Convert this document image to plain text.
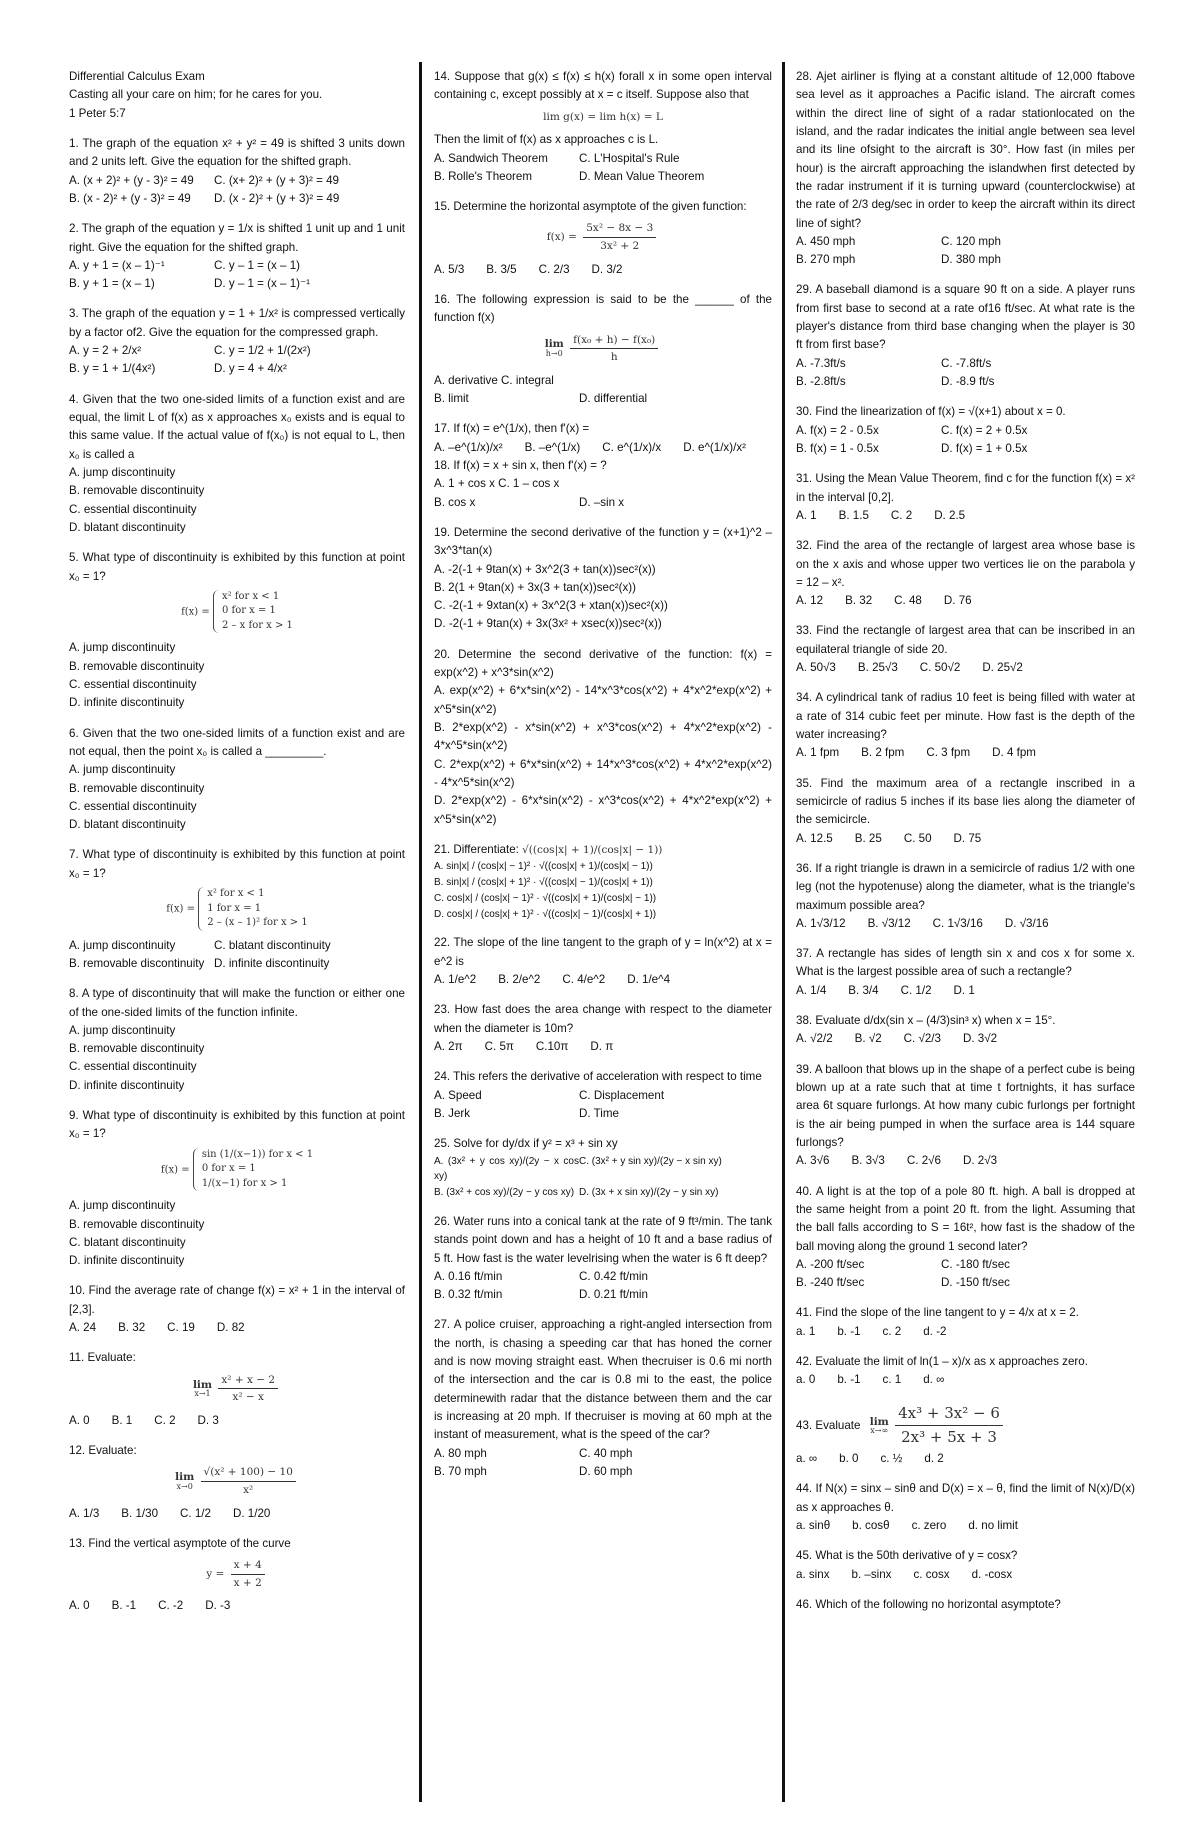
Differential Calculus Exam

Casting all your care on him; for he cares for you.

1 Peter 5:7

1. The graph of the equation x² + y² = 49 is shifted 3 units down and 2 units left. Give the equation for the shifted graph.

A. (x + 2)² + (y - 3)² = 49	C. (x+ 2)² + (y + 3)² = 49
B. (x - 2)² + (y - 3)² = 49	D. (x - 2)² + (y + 3)² = 49

2. The graph of the equation y = 1/x is shifted 1 unit up and 1 unit right. Give the equation for the shifted graph.

A. y + 1 = (x – 1)⁻¹	C. y – 1 = (x – 1)
B. y + 1 = (x – 1)	D. y – 1 = (x – 1)⁻¹

3. The graph of the equation y = 1 + 1/x² is compressed vertically by a factor of2. Give the equation for the compressed graph.

A. y = 2 + 2/x²	C. y = 1/2 + 1/(2x²)
B. y = 1 + 1/(4x²)	D. y = 4 + 4/x²

4. Given that the two one-sided limits of a function exist and are equal, the limit L of f(x) as x approaches x₀ exists and is equal to this same value. If the actual value of f(x₀) is not equal to L, then x₀ is called a

A. jump discontinuity
B. removable discontinuity
C. essential discontinuity
D. blatant discontinuity

5. What type of discontinuity is exhibited by this function at point x₀ = 1?

f(x) =
x² for x < 1
0 for x = 1
2 – x for x > 1
A. jump discontinuity
B. removable discontinuity
C. essential discontinuity
D. infinite discontinuity

6. Given that the two one-sided limits of a function exist and are not equal, then the point x₀ is called a _________.

A. jump discontinuity
B. removable discontinuity
C. essential discontinuity
D. blatant discontinuity

7. What type of discontinuity is exhibited by this function at point x₀ = 1?

f(x) =
x² for x < 1
1 for x = 1
2 – (x – 1)² for x > 1
A. jump discontinuity	C. blatant discontinuity
B. removable discontinuity D. infinite discontinuity

8. A type of discontinuity that will make the function or either one of the one-sided limits of the function infinite.

A. jump discontinuity
B. removable discontinuity
C. essential discontinuity
D. infinite discontinuity

9. What type of discontinuity is exhibited by this function at point x₀ = 1?

f(x) =
sin (1/(x−1)) for x < 1
0 for x = 1
1/(x−1) for x > 1
A. jump discontinuity
B. removable discontinuity
C. blatant discontinuity
D. infinite discontinuity

10. Find the average rate of change f(x) = x² + 1 in the interval of [2,3].

A. 24 B. 32 C. 19 D. 82

11. Evaluate:

lim
x→1
$\frac{\text{x² + x − 2}}{\text{x² − x}}$
A. 0 B. 1 C. 2 D. 3

12. Evaluate:

lim
x→0
$\frac{\text{√(x² + 100) − 10}}{\text{x²}}$
A. 1/3 B. 1/30 C. 1/2 D. 1/20

13. Find the vertical asymptote of the curve

$y = \frac{x + 4}{x + 2}$
A. 0 B. -1 C. -2 D. -3

14. Suppose that g(x) ≤ f(x) ≤ h(x) forall x in some open interval containing c, except possibly at x = c itself. Suppose also that

lim g(x) = lim h(x) = L

Then the limit of f(x) as x approaches c is L.

A. Sandwich Theorem	C. L'Hospital's Rule
B. Rolle's Theorem	D. Mean Value Theorem

15. Determine the horizontal asymptote of the given function:

$f(x) = \frac{\text{5x² − 8x − 3}}{\text{3x² + 2}}$
A. 5/3 B. 3/5 C. 2/3 D. 3/2

16. The following expression is said to be the ______ of the function f(x)

lim
h→0
$\frac{\text{f(x₀ + h) − f(x₀)}}{h}$
A. derivative C. integral
B. limit	D. differential

17. If f(x) = e^(1/x), then f'(x) =

A. –e^(1/x)/x² B. –e^(1/x) C. e^(1/x)/x D. e^(1/x)/x²

18. If f(x) = x + sin x, then f'(x) = ?

A. 1 + cos x C. 1 – cos x
B. cos x	D. –sin x

19. Determine the second derivative of the function y = (x+1)^2 – 3x^3*tan(x)

A. -2(-1 + 9tan(x) + 3x^2(3 + tan(x))sec²(x))
B. 2(1 + 9tan(x) + 3x(3 + tan(x))sec²(x))
C. -2(-1 + 9xtan(x) + 3x^2(3 + xtan(x))sec²(x))
D. -2(-1 + 9tan(x) + 3x(3x² + xsec(x))sec²(x))

20. Determine the second derivative of the function: f(x) = exp(x^2) + x^3*sin(x^2)

A. exp(x^2) + 6*x*sin(x^2) - 14*x^3*cos(x^2) + 4*x^2*exp(x^2) + x^5*sin(x^2)
B. 2*exp(x^2) - x*sin(x^2) + x^3*cos(x^2) + 4*x^2*exp(x^2) - 4*x^5*sin(x^2)
C. 2*exp(x^2) + 6*x*sin(x^2) + 14*x^3*cos(x^2) + 4*x^2*exp(x^2) - 4*x^5*sin(x^2)
D. 2*exp(x^2) - 6*x*sin(x^2) - x^3*cos(x^2) + 4*x^2*exp(x^2) + x^5*sin(x^2)

21. Differentiate: √((cos|x| + 1)/(cos|x| − 1))

A. sin|x| / (cos|x| − 1)² · √((cos|x| + 1)/(cos|x| − 1))
B. sin|x| / (cos|x| + 1)² · √((cos|x| − 1)/(cos|x| + 1))
C. cos|x| / (cos|x| − 1)² · √((cos|x| + 1)/(cos|x| − 1))
D. cos|x| / (cos|x| + 1)² · √((cos|x| − 1)/(cos|x| + 1))

22. The slope of the line tangent to the graph of y = ln(x^2) at x = e^2 is

A. 1/e^2 B. 2/e^2 C. 4/e^2 D. 1/e^4

23. How fast does the area change with respect to the diameter when the diameter is 10m?

A. 2π C. 5π C.10π D. π

24. This refers the derivative of acceleration with respect to time

A. Speed	C. Displacement
B. Jerk	D. Time

25. Solve for dy/dx if y² = x³ + sin xy

A. (3x² + y cos xy)/(2y − x cos xy)
C. (3x² + y sin xy)/(2y − x sin xy)
B. (3x² + cos xy)/(2y − y cos xy) D. (3x + x sin xy)/(2y − y sin xy)

26. Water runs into a conical tank at the rate of 9 ft³/min. The tank stands point down and has a height of 10 ft and a base radius of 5 ft. How fast is the water levelrising when the water is 6 ft deep?

A. 0.16 ft/min	C. 0.42 ft/min
B. 0.32 ft/min	D. 0.21 ft/min

27. A police cruiser, approaching a right-angled intersection from the north, is chasing a speeding car that has honed the corner and is now moving straight east. When thecruiser is 0.6 mi north of the intersection and the car is 0.8 mi to the east, the police determinewith radar that the distance between them and the car is increasing at 20 mph. If thecruiser is moving at 60 mph at the instant of measurement, what is the speed of the car?

A. 80 mph	C. 40 mph
B. 70 mph	D. 60 mph

28. Ajet airliner is flying at a constant altitude of 12,000 ftabove sea level as it approaches a Pacific island. The aircraft comes within the direct line of sight of a radar stationlocated on the island, and the radar indicates the initial angle between sea level and its line ofsight to the aircraft is 30°. How fast (in miles per hour) is the aircraft approaching the islandwhen first detected by the radar instrument if it is turning upward (counterclockwise) at the rate of 2/3 deg/sec in order to keep the aircraft within its direct line of sight?

A. 450 mph	C. 120 mph
B. 270 mph	D. 380 mph

29. A baseball diamond is a square 90 ft on a side. A player runs from first base to second at a rate of16 ft/sec. At what rate is the player's distance from third base changing when the player is 30 ft from first base?

A. -7.3ft/s	C. -7.8ft/s
B. -2.8ft/s	D. -8.9 ft/s

30. Find the linearization of f(x) = √(x+1) about x = 0.

A. f(x) = 2 - 0.5x	C. f(x) = 2 + 0.5x
B. f(x) = 1 - 0.5x	D. f(x) = 1 + 0.5x

31. Using the Mean Value Theorem, find c for the function f(x) = x² in the interval [0,2].

A. 1 B. 1.5 C. 2 D. 2.5

32. Find the area of the rectangle of largest area whose base is on the x axis and whose upper two vertices lie on the parabola y = 12 – x².

A. 12 B. 32 C. 48 D. 76

33. Find the rectangle of largest area that can be inscribed in an equilateral triangle of side 20.

A. 50√3 B. 25√3 C. 50√2 D. 25√2

34. A cylindrical tank of radius 10 feet is being filled with water at a rate of 314 cubic feet per minute. How fast is the depth of the water increasing?

A. 1 fpm B. 2 fpm C. 3 fpm D. 4 fpm

35. Find the maximum area of a rectangle inscribed in a semicircle of radius 5 inches if its base lies along the diameter of the semicircle.

A. 12.5 B. 25 C. 50 D. 75

36. If a right triangle is drawn in a semicircle of radius 1/2 with one leg (not the hypotenuse) along the diameter, what is the triangle's maximum possible area?

A. 1√3/12 B. √3/12 C. 1√3/16 D. √3/16

37. A rectangle has sides of length sin x and cos x for some x. What is the largest possible area of such a rectangle?

A. 1/4 B. 3/4 C. 1/2 D. 1

38. Evaluate d/dx(sin x – (4/3)sin³ x) when x = 15°.

A. √2/2 B. √2 C. √2/3 D. 3√2

39. A balloon that blows up in the shape of a perfect cube is being blown up at a rate such that at time t fortnights, it has surface area 6t square furlongs. At how many cubic furlongs per fortnight is the air being pumped in when the surface area is 144 square furlongs?

A. 3√6 B. 3√3 C. 2√6 D. 2√3

40. A light is at the top of a pole 80 ft. high. A ball is dropped at the same height from a point 20 ft. from the light. Assuming that the ball falls according to S = 16t², how fast is the shadow of the ball moving along the ground 1 second later?

A. -200 ft/sec	C. -180 ft/sec
B. -240 ft/sec	D. -150 ft/sec

41. Find the slope of the line tangent to y = 4/x at x = 2.

a. 1 b. -1 c. 2 d. -2

42. Evaluate the limit of ln(1 – x)/x as x approaches zero.

a. 0 b. -1 c. 1 d. ∞

43. Evaluate lim
x→∞
$\frac{\text{4x³ + 3x² − 6}}{\text{2x³ + 5x + 3}}$

a. ∞ b. 0 c. ½ d. 2

44. If N(x) = sinx – sinθ and D(x) = x – θ, find the limit of N(x)/D(x) as x approaches θ.

a. sinθ b. cosθ c. zero d. no limit

45. What is the 50th derivative of y = cosx?

a. sinx b. –sinx c. cosx d. -cosx

46. Which of the following no horizontal asymptote?
